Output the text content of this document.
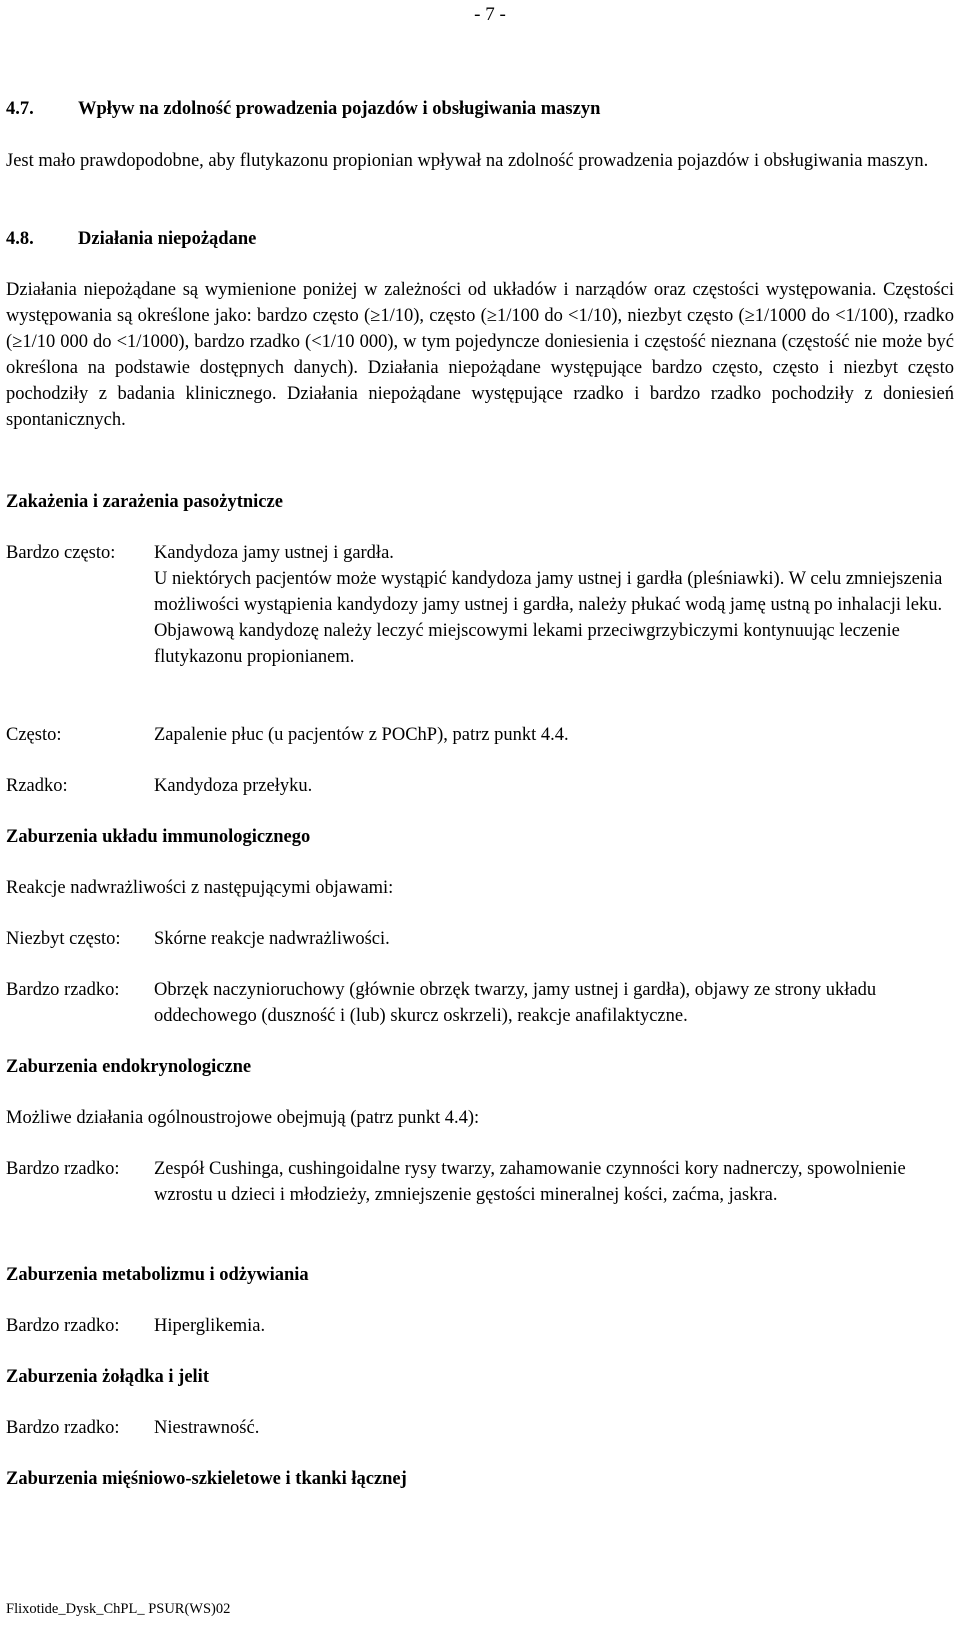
- 7 -
4.7. Wpływ na zdolność prowadzenia pojazdów i obsługiwania maszyn
Jest mało prawdopodobne, aby flutykazonu propionian wpływał na zdolność prowadzenia pojazdów i obsługiwania maszyn.
4.8. Działania niepożądane
Działania niepożądane są wymienione poniżej w zależności od układów i narządów oraz częstości występowania. Częstości występowania są określone jako: bardzo często (≥1/10), często (≥1/100 do <1/10), niezbyt często (≥1/1000 do <1/100), rzadko (≥1/10 000 do <1/1000), bardzo rzadko (<1/10 000), w tym pojedyncze doniesienia i częstość nieznana (częstość nie może być określona na podstawie dostępnych danych). Działania niepożądane występujące bardzo często, często i niezbyt często pochodziły z badania klinicznego. Działania niepożądane występujące rzadko i bardzo rzadko pochodziły z doniesień spontanicznych.
Zakażenia i zarażenia pasożytnicze
Bardzo często:	Kandydoza jamy ustnej i gardła.
U niektórych pacjentów może wystąpić kandydoza jamy ustnej i gardła (pleśniawki). W celu zmniejszenia możliwości wystąpienia kandydozy jamy ustnej i gardła, należy płukać wodą jamę ustną po inhalacji leku. Objawową kandydozę należy leczyć miejscowymi lekami przeciwgrzybiczymi kontynuując leczenie flutykazonu propionianem.
Często:	Zapalenie płuc (u pacjentów z POChP), patrz punkt 4.4.
Rzadko:	Kandydoza przełyku.
Zaburzenia układu immunologicznego
Reakcje nadwrażliwości z następującymi objawami:
Niezbyt często:	Skórne reakcje nadwrażliwości.
Bardzo rzadko:	Obrzęk naczynioruchowy (głównie obrzęk twarzy, jamy ustnej i gardła), objawy ze strony układu oddechowego (duszność i (lub) skurcz oskrzeli), reakcje anafilaktyczne.
Zaburzenia endokrynologiczne
Możliwe działania ogólnoustrojowe obejmują (patrz punkt 4.4):
Bardzo rzadko:	Zespół Cushinga, cushingoidalne rysy twarzy, zahamowanie czynności kory nadnerczy, spowolnienie wzrostu u dzieci i młodzieży, zmniejszenie gęstości mineralnej kości, zaćma, jaskra.
Zaburzenia metabolizmu i odżywiania
Bardzo rzadko:	Hiperglikemia.
Zaburzenia żołądka i jelit
Bardzo rzadko:	Niestrawność.
Zaburzenia mięśniowo-szkieletowe i tkanki łącznej
Flixotide_Dysk_ChPL_ PSUR(WS)02
